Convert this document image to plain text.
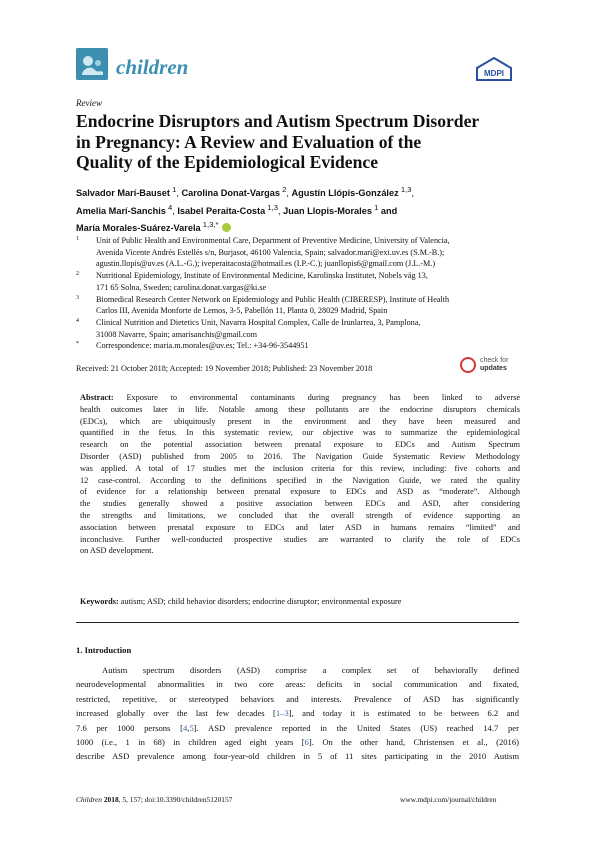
children	MDPI
Review
Endocrine Disruptors and Autism Spectrum Disorder
in Pregnancy: A Review and Evaluation of the
Quality of the Epidemiological Evidence
Salvador Marí-Bauset $^1$, Carolina Donat-Vargas $^2$, Agustín Llópis-González $^{1,3}$,
Amelia Marí-Sanchis $^4$, Isabel Peraita-Costa $^{1,3}$, Juan Llopis-Morales $^1$ and
María Morales-Suárez-Varela $^{1,3,*}$
1	Unit of Public Health and Environmental Care, Department of Preventive Medicine, University of Valencia,
Avenida Vicente Andrés Estellés s/n, Burjasot, 46100 Valencia, Spain; salvador.mari@ext.uv.es (S.M.-B.);
agustin.llopis@uv.es (A.L.-G.); iveperaitacosta@hotmail.es (I.P.-C.); juanllopis6@gmail.com (J.L.-M.)
2	Nutritional Epidemiology, Institute of Environmental Medicine, Karolinska Institutet, Nobels väg 13,
171 65 Solna, Sweden; carolina.donat.vargas@ki.se
3	Biomedical Research Center Network on Epidemiology and Public Health (CIBERESP), Institute of Health
Carlos III, Avenida Monforte de Lemos, 3-5, Pabellón 11, Planta 0, 28029 Madrid, Spain
4	Clinical Nutrition and Dietetics Unit, Navarra Hospital Complex, Calle de Irunlarrea, 3, Pamplona,
31008 Navarre, Spain; amarisanchis@gmail.com
*	Correspondence: maria.m.morales@uv.es; Tel.: +34-96-3544951
Received: 21 October 2018; Accepted: 19 November 2018; Published: 23 November 2018
check for
updates
Abstract: Exposure to environmental contaminants during pregnancy has been linked to adverse
health outcomes later in life. Notable among these pollutants are the endocrine disruptors chemicals
(EDCs), which are ubiquitously present in the environment and they have been measured and
quantified in the fetus. In this systematic review, our objective was to summarize the epidemiological
research on the potential association between prenatal exposure to EDCs and Autism Spectrum
Disorder (ASD) published from 2005 to 2016. The Navigation Guide Systematic Review Methodology
was applied. A total of 17 studies met the inclusion criteria for this review, including: five cohorts and
12 case-control. According to the definitions specified in the Navigation Guide, we rated the quality
of evidence for a relationship between prenatal exposure to EDCs and ASD as “moderate”. Although
the studies generally showed a positive association between EDCs and ASD, after considering
the strengths and limitations, we concluded that the overall strength of evidence supporting an
association between prenatal exposure to EDCs and later ASD in humans remains “limited” and
inconclusive. Further well-conducted prospective studies are warranted to clarify the role of EDCs
on ASD development.
Keywords: autism; ASD; child behavior disorders; endocrine disruptor; environmental exposure
1. Introduction
Autism spectrum disorders (ASD) comprise a complex set of behaviorally defined
neurodevelopmental abnormalities in two core areas: deficits in social communication and fixated,
restricted, repetitive, or stereotyped behaviors and interests. Prevalence of ASD has significantly
increased globally over the last few decades [1–3], and today it is estimated to be between 6.2 and
7.6 per 1000 persons [4,5]. ASD prevalence reported in the United States (US) reached 14.7 per
1000 (i.e., 1 in 68) in children aged eight years [6]. On the other hand, Christensen et al., (2016)
describe ASD prevalence among four-year-old children in 5 of 11 sites participating in the 2010 Autism
Children 2018, 5, 157; doi:10.3390/children5120157	www.mdpi.com/journal/children
